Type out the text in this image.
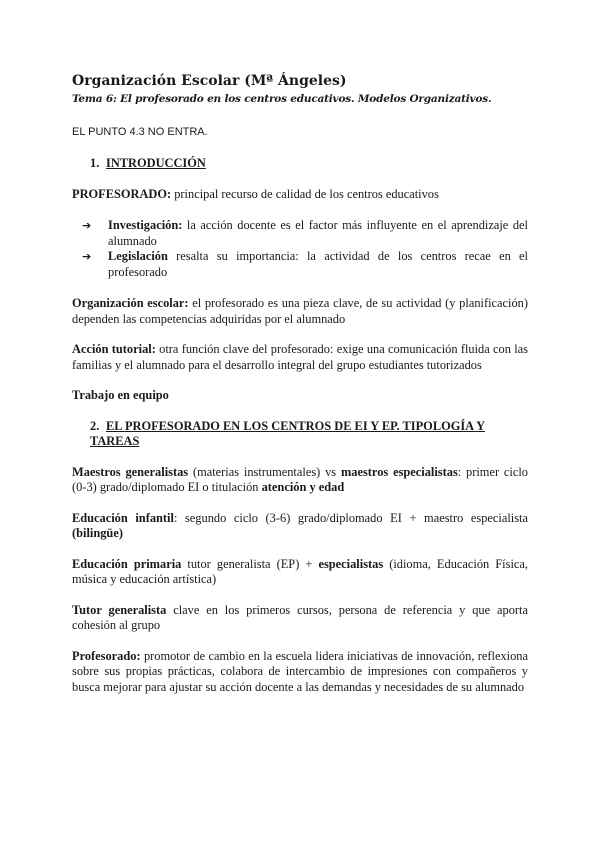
Organización Escolar (Mª Ángeles)
Tema 6: El profesorado en los centros educativos. Modelos Organizativos.
EL PUNTO 4.3 NO ENTRA.
1. INTRODUCCIÓN
PROFESORADO: principal recurso de calidad de los centros educativos
➔ Investigación: la acción docente es el factor más influyente en el aprendizaje del alumnado
➔ Legislación resalta su importancia: la actividad de los centros recae en el profesorado
Organización escolar: el profesorado es una pieza clave, de su actividad (y planificación) dependen las competencias adquiridas por el alumnado
Acción tutorial: otra función clave del profesorado: exige una comunicación fluida con las familias y el alumnado para el desarrollo integral del grupo estudiantes tutorizados
Trabajo en equipo
2. EL PROFESORADO EN LOS CENTROS DE EI Y EP. TIPOLOGÍA Y TAREAS
Maestros generalistas (materias instrumentales) vs maestros especialistas: primer ciclo (0-3) grado/diplomado EI o titulación atención y edad
Educación infantil: segundo ciclo (3-6) grado/diplomado EI + maestro especialista (bilingüe)
Educación primaria tutor generalista (EP) + especialistas (idioma, Educación Física, música y educación artística)
Tutor generalista clave en los primeros cursos, persona de referencia y que aporta cohesión al grupo
Profesorado: promotor de cambio en la escuela lidera iniciativas de innovación, reflexiona sobre sus propias prácticas, colabora de intercambio de impresiones con compañeros y busca mejorar para ajustar su acción docente a las demandas y necesidades de su alumnado
